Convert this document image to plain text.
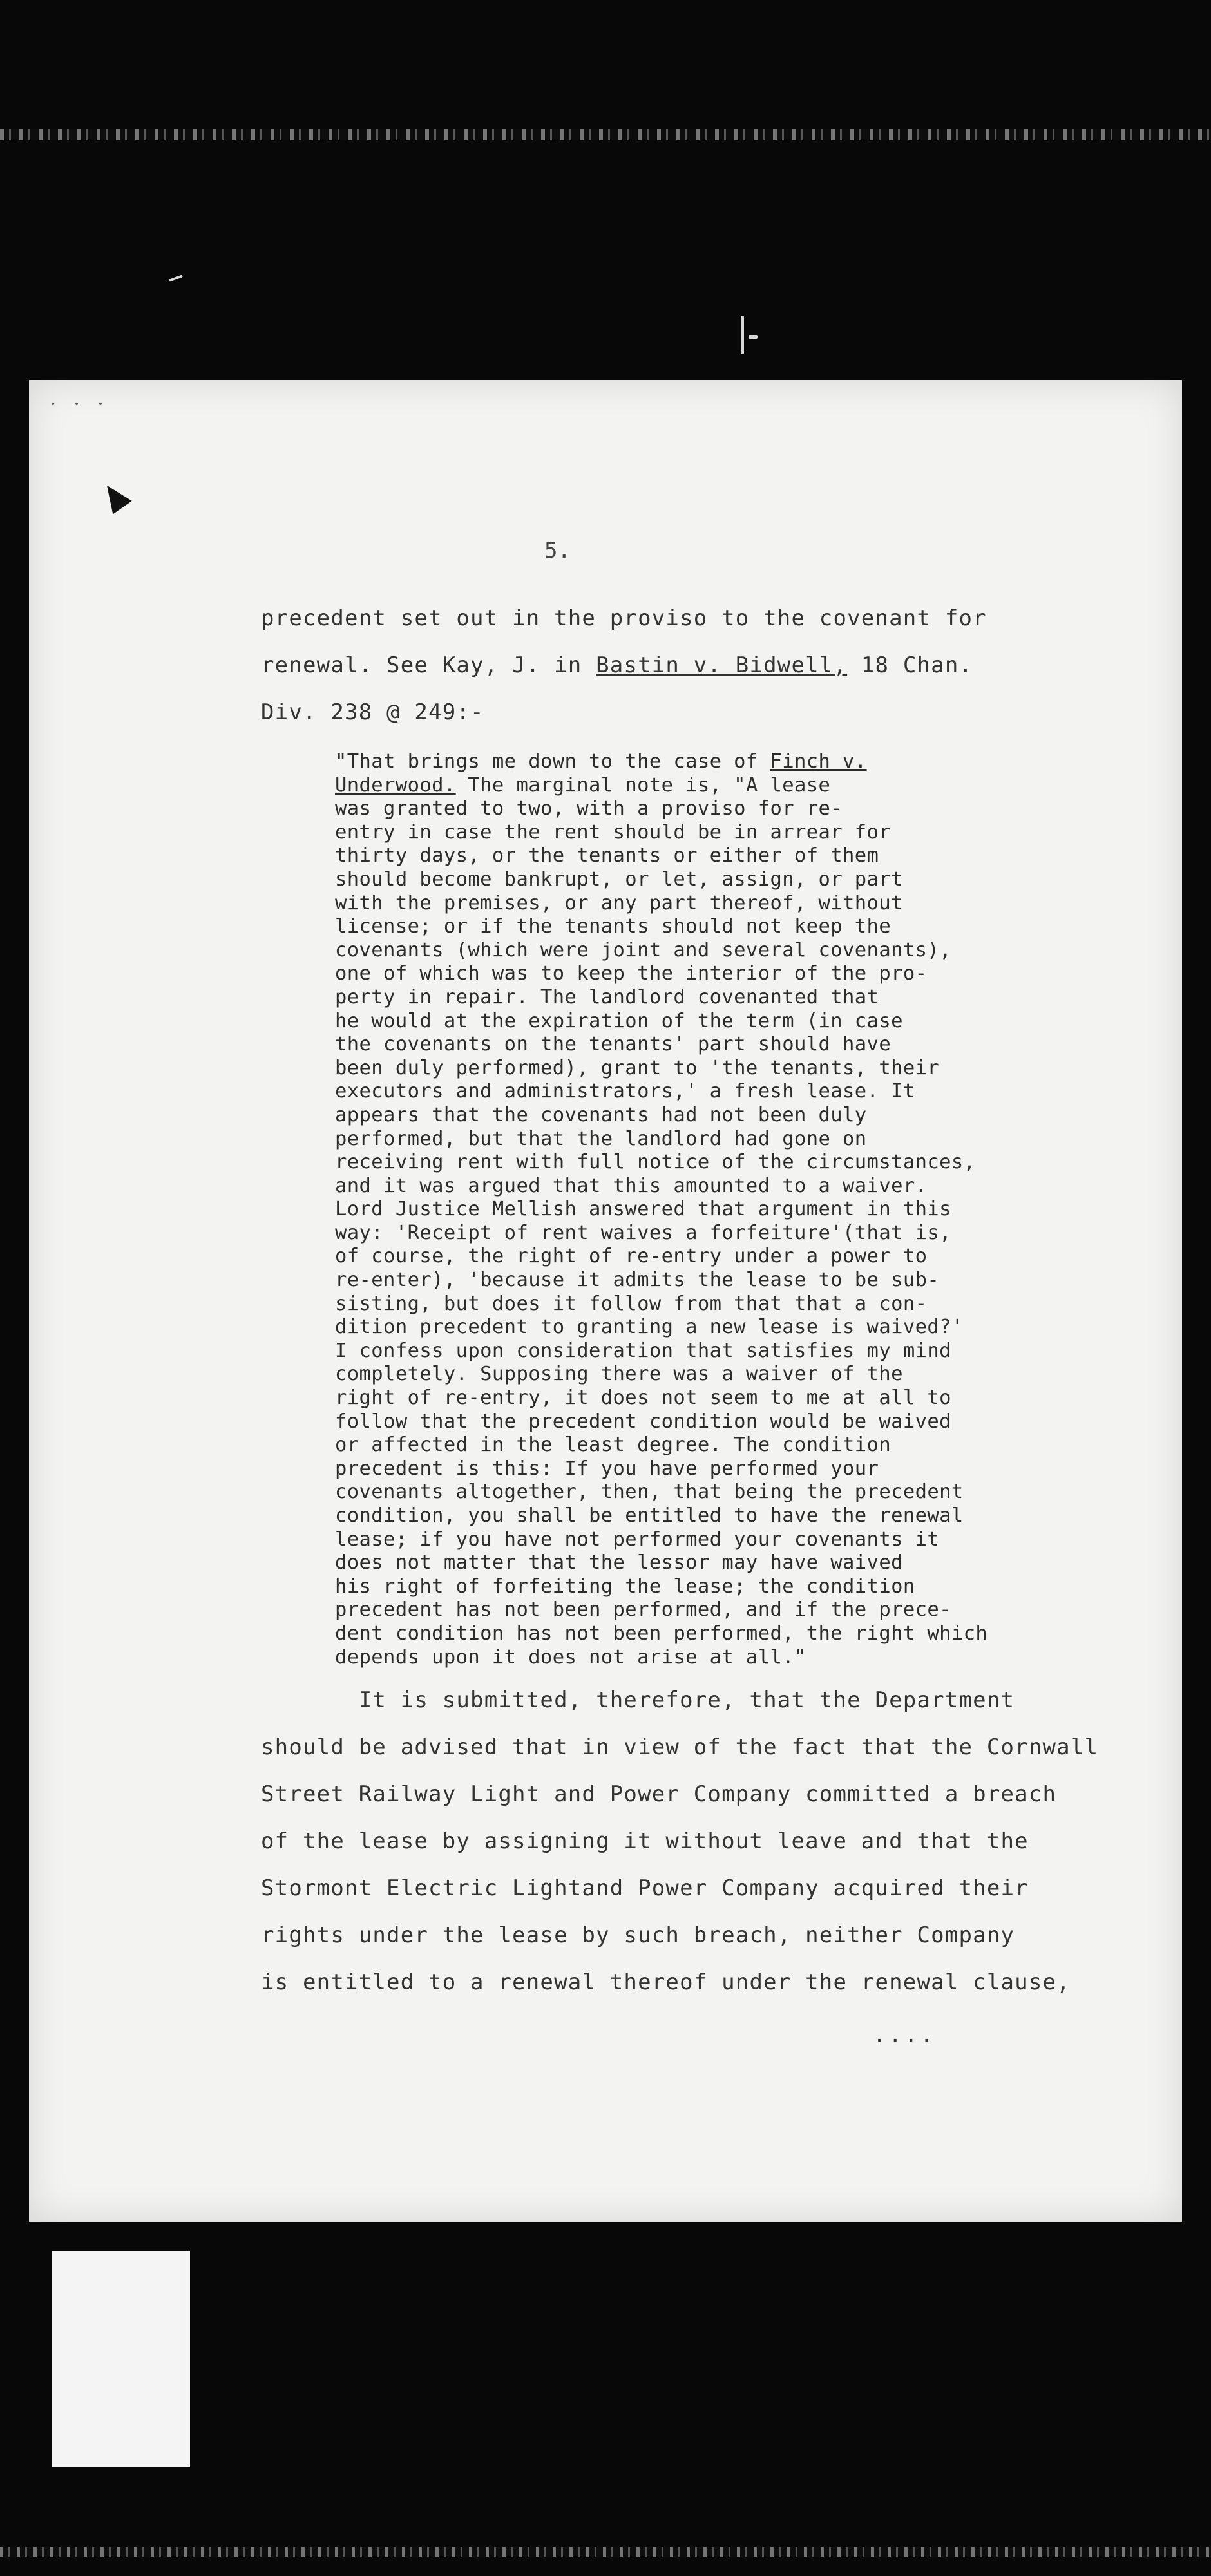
• • •
5.
precedent set out in the proviso to the covenant for
renewal. See Kay, J. in Bastin v. Bidwell, 18 Chan.
Div. 238 @ 249:-
"That brings me down to the case of Finch v.
Underwood. The marginal note is, "A lease
was granted to two, with a proviso for re-
entry in case the rent should be in arrear for
thirty days, or the tenants or either of them
should become bankrupt, or let, assign, or part
with the premises, or any part thereof, without
license; or if the tenants should not keep the
covenants (which were joint and several covenants),
one of which was to keep the interior of the pro-
perty in repair. The landlord covenanted that
he would at the expiration of the term (in case
the covenants on the tenants' part should have
been duly performed), grant to 'the tenants, their
executors and administrators,' a fresh lease. It
appears that the covenants had not been duly
performed, but that the landlord had gone on
receiving rent with full notice of the circumstances,
and it was argued that this amounted to a waiver.
Lord Justice Mellish answered that argument in this
way: 'Receipt of rent waives a forfeiture'(that is,
of course, the right of re-entry under a power to
re-enter), 'because it admits the lease to be sub-
sisting, but does it follow from that that a con-
dition precedent to granting a new lease is waived?'
I confess upon consideration that satisfies my mind
completely. Supposing there was a waiver of the
right of re-entry, it does not seem to me at all to
follow that the precedent condition would be waived
or affected in the least degree. The condition
precedent is this: If you have performed your
covenants altogether, then, that being the precedent
condition, you shall be entitled to have the renewal
lease; if you have not performed your covenants it
does not matter that the lessor may have waived
his right of forfeiting the lease; the condition
precedent has not been performed, and if the prece-
dent condition has not been performed, the right which
depends upon it does not arise at all."
It is submitted, therefore, that the Department
should be advised that in view of the fact that the Cornwall
Street Railway Light and Power Company committed a breach
of the lease by assigning it without leave and that the
Stormont Electric Lightand Power Company acquired their
rights under the lease by such breach, neither Company
is entitled to a renewal thereof under the renewal clause,
....
